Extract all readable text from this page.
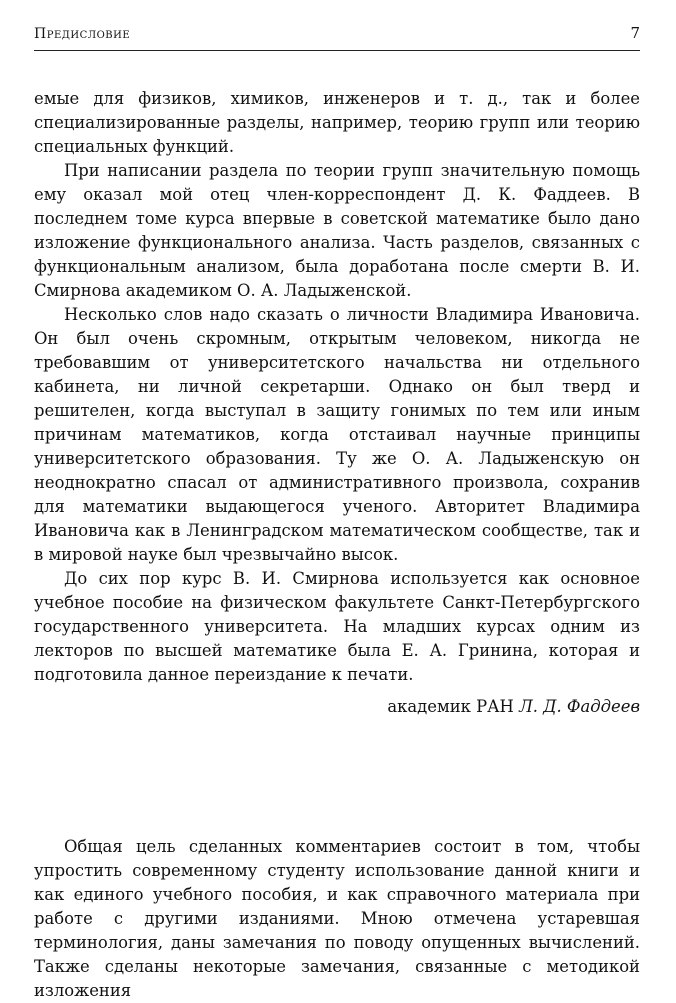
Предисловие	7

емые для физиков, химиков, инженеров и т. д., так и более специализированные разделы, например, теорию групп или теорию специальных функций.

При написании раздела по теории групп значительную помощь ему оказал мой отец член-корреспондент Д. К. Фаддеев. В последнем томе курса впервые в советской математике было дано изложение функционального анализа. Часть разделов, связанных с функциональным анализом, была доработана после смерти В. И. Смирнова академиком О. А. Ладыженской.

Несколько слов надо сказать о личности Владимира Ивановича. Он был очень скромным, открытым человеком, никогда не требовавшим от университетского начальства ни отдельного кабинета, ни личной секретарши. Однако он был тверд и решителен, когда выступал в защиту гонимых по тем или иным причинам математиков, когда отстаивал научные принципы университетского образования. Ту же О. А. Ладыженскую он неоднократно спасал от административного произвола, сохранив для математики выдающегося ученого. Авторитет Владимира Ивановича как в Ленинградском математическом сообществе, так и в мировой науке был чрезвычайно высок.

До сих пор курс В. И. Смирнова используется как основное учебное пособие на физическом факультете Санкт-Петербургского государственного университета. На младших курсах одним из лекторов по высшей математике была Е. А. Гринина, которая и подготовила данное переиздание к печати.

академик РАН Л. Д. Фаддеев

Общая цель сделанных комментариев состоит в том, чтобы упростить современному студенту использование данной книги и как единого учебного пособия, и как справочного материала при работе с другими изданиями. Мною отмечена устаревшая терминология, даны замечания по поводу опущенных вычислений. Также сделаны некоторые замечания, связанные с методикой изложения
